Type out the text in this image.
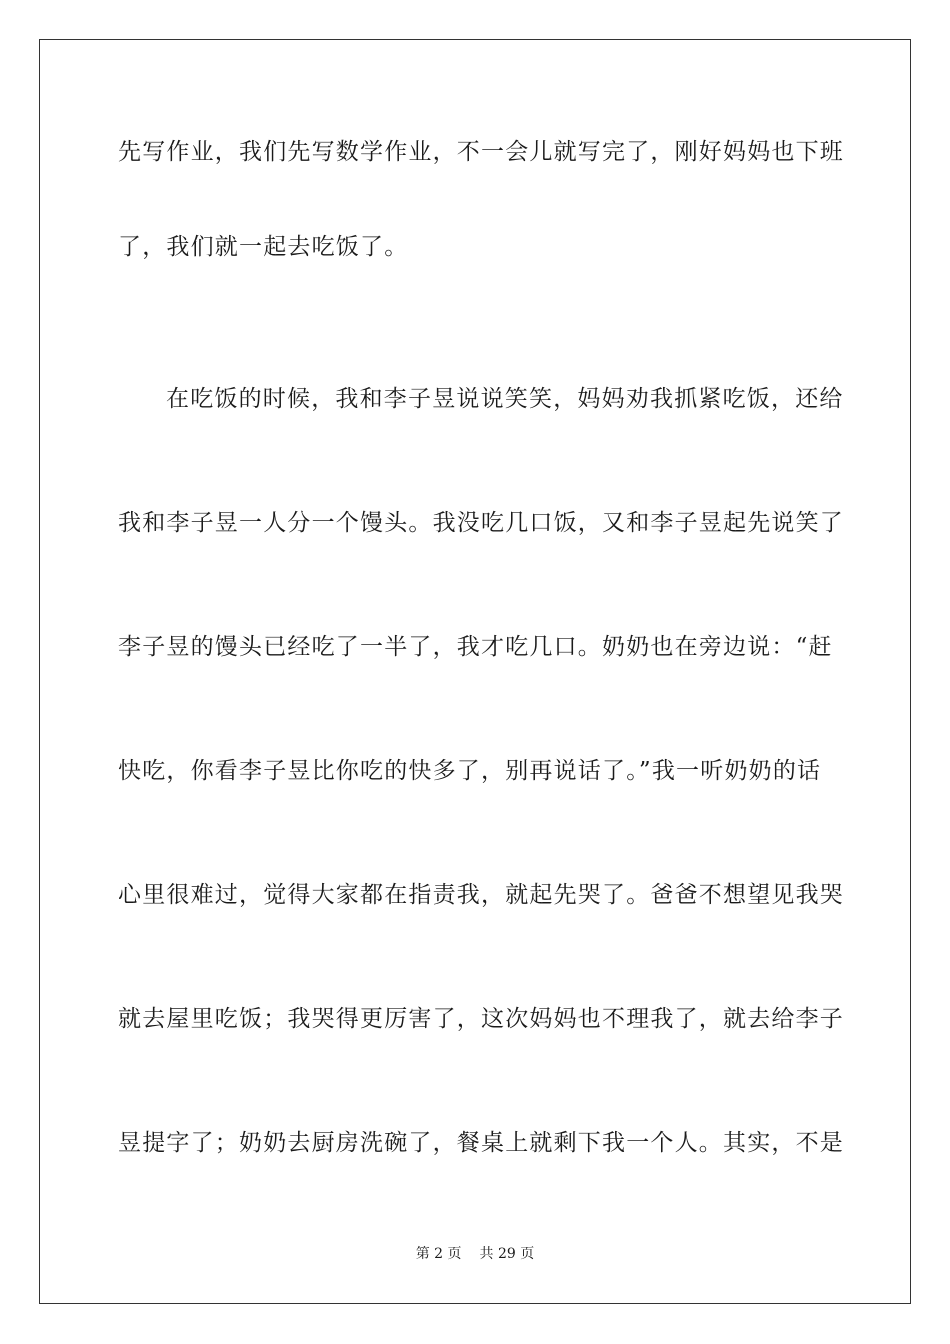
先写作业，我们先写数学作业，不一会儿就写完了，刚好妈妈也下班
了，我们就一起去吃饭了。
在吃饭的时候，我和李子昱说说笑笑，妈妈劝我抓紧吃饭，还给
我和李子昱一人分一个馒头。我没吃几口饭，又和李子昱起先说笑了
李子昱的馒头已经吃了一半了，我才吃几口。奶奶也在旁边说：“赶
快吃，你看李子昱比你吃的快多了，别再说话了。”我一听奶奶的话
心里很难过，觉得大家都在指责我，就起先哭了。爸爸不想望见我哭
就去屋里吃饭；我哭得更厉害了，这次妈妈也不理我了，就去给李子
昱提字了；奶奶去厨房洗碗了，餐桌上就剩下我一个人。其实，不是
第 2 页 共 29 页
